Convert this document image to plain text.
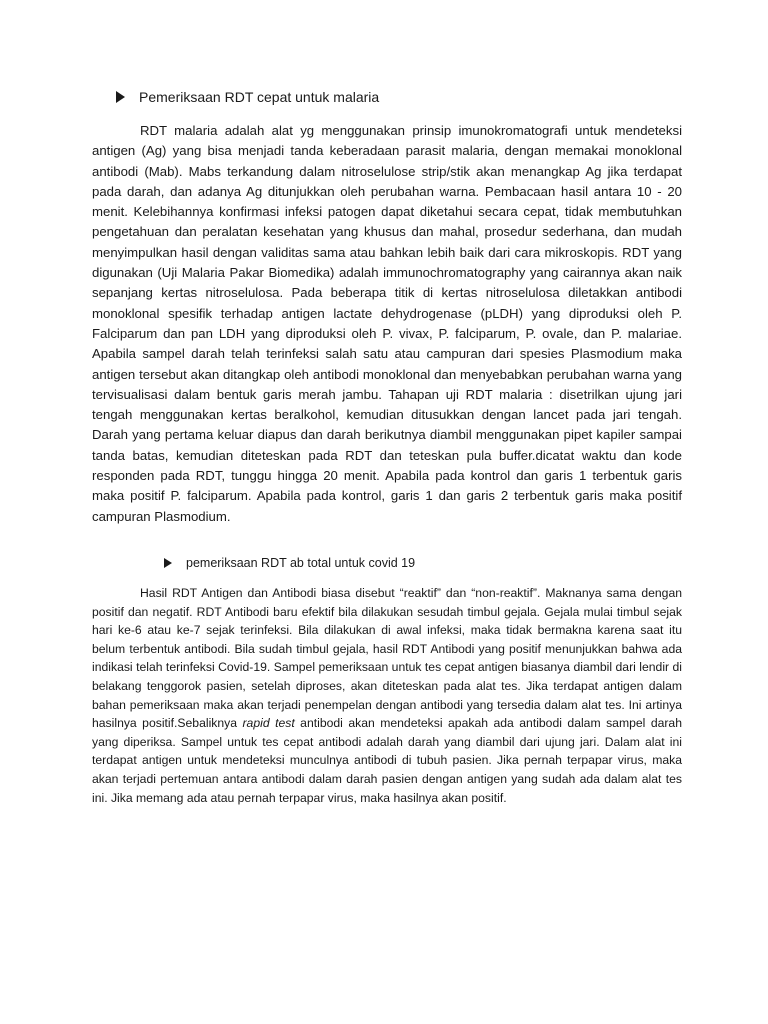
Pemeriksaan RDT cepat untuk malaria

RDT malaria adalah alat yg menggunakan prinsip imunokromatografi untuk mendeteksi antigen (Ag) yang bisa menjadi tanda keberadaan parasit malaria, dengan memakai monoklonal antibodi (Mab). Mabs terkandung dalam nitroselulose strip/stik akan menangkap Ag jika terdapat pada darah, dan adanya Ag ditunjukkan oleh perubahan warna. Pembacaan hasil antara 10 - 20 menit. Kelebihannya konfirmasi infeksi patogen dapat diketahui secara cepat, tidak membutuhkan pengetahuan dan peralatan kesehatan yang khusus dan mahal, prosedur sederhana, dan mudah menyimpulkan hasil dengan validitas sama atau bahkan lebih baik dari cara mikroskopis. RDT yang digunakan (Uji Malaria Pakar Biomedika) adalah immunochromatography yang cairannya akan naik sepanjang kertas nitroselulosa. Pada beberapa titik di kertas nitroselulosa diletakkan antibodi monoklonal spesifik terhadap antigen lactate dehydrogenase (pLDH) yang diproduksi oleh P. Falciparum dan pan LDH yang diproduksi oleh P. vivax, P. falciparum, P. ovale, dan P. malariae. Apabila sampel darah telah terinfeksi salah satu atau campuran dari spesies Plasmodium maka antigen tersebut akan ditangkap oleh antibodi monoklonal dan menyebabkan perubahan warna yang tervisualisasi dalam bentuk garis merah jambu. Tahapan uji RDT malaria : disetrilkan ujung jari tengah menggunakan kertas beralkohol, kemudian ditusukkan dengan lancet pada jari tengah. Darah yang pertama keluar diapus dan darah berikutnya diambil menggunakan pipet kapiler sampai tanda batas, kemudian diteteskan pada RDT dan teteskan pula buffer.dicatat waktu dan kode responden pada RDT, tunggu hingga 20 menit. Apabila pada kontrol dan garis 1 terbentuk garis maka positif P. falciparum. Apabila pada kontrol, garis 1 dan garis 2 terbentuk garis maka positif campuran Plasmodium.

pemeriksaan RDT ab total untuk covid 19

Hasil RDT Antigen dan Antibodi biasa disebut “reaktif” dan “non-reaktif”. Maknanya sama dengan positif dan negatif. RDT Antibodi baru efektif bila dilakukan sesudah timbul gejala. Gejala mulai timbul sejak hari ke-6 atau ke-7 sejak terinfeksi. Bila dilakukan di awal infeksi, maka tidak bermakna karena saat itu belum terbentuk antibodi. Bila sudah timbul gejala, hasil RDT Antibodi yang positif menunjukkan bahwa ada indikasi telah terinfeksi Covid-19. Sampel pemeriksaan untuk tes cepat antigen biasanya diambil dari lendir di belakang tenggorok pasien, setelah diproses, akan diteteskan pada alat tes. Jika terdapat antigen dalam bahan pemeriksaan maka akan terjadi penempelan dengan antibodi yang tersedia dalam alat tes. Ini artinya hasilnya positif.Sebaliknya rapid test antibodi akan mendeteksi apakah ada antibodi dalam sampel darah yang diperiksa. Sampel untuk tes cepat antibodi adalah darah yang diambil dari ujung jari. Dalam alat ini terdapat antigen untuk mendeteksi munculnya antibodi di tubuh pasien. Jika pernah terpapar virus, maka akan terjadi pertemuan antara antibodi dalam darah pasien dengan antigen yang sudah ada dalam alat tes ini. Jika memang ada atau pernah terpapar virus, maka hasilnya akan positif.
